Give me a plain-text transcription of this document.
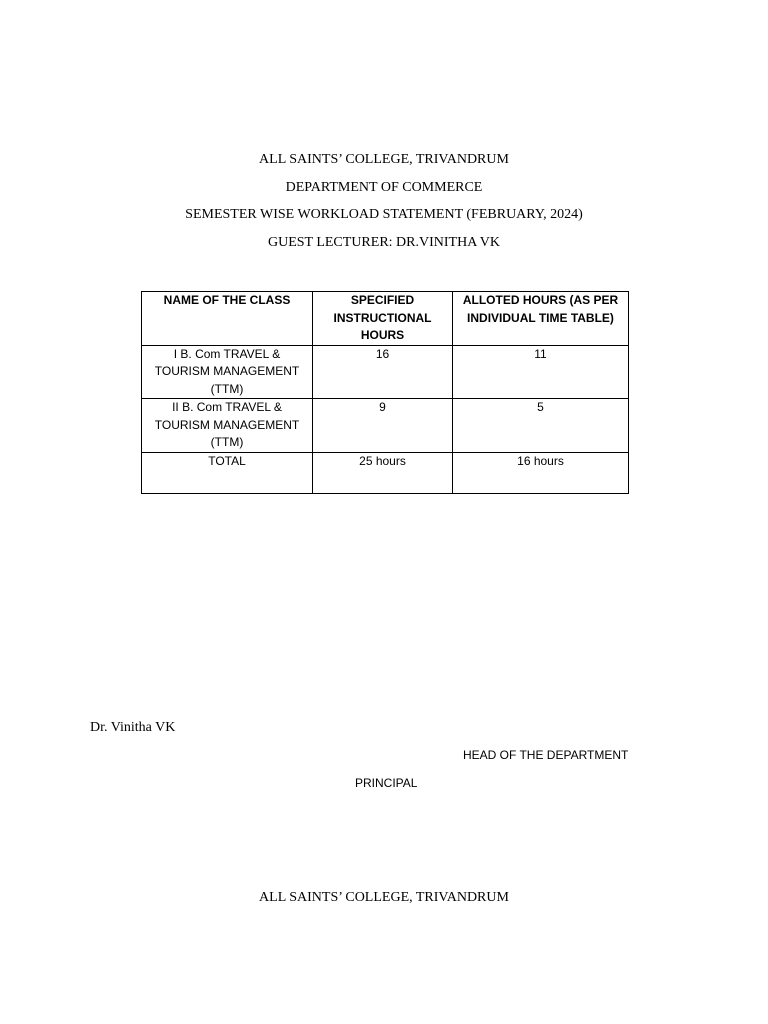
ALL SAINTS’ COLLEGE, TRIVANDRUM
DEPARTMENT OF COMMERCE
SEMESTER WISE WORKLOAD STATEMENT (FEBRUARY, 2024)
GUEST LECTURER: DR.VINITHA VK
NAME OF THE CLASS	SPECIFIED INSTRUCTIONAL HOURS	ALLOTED HOURS (AS PER INDIVIDUAL TIME TABLE)

I B. Com TRAVEL &
TOURISM MANAGEMENT
(TTM)	16	11

II B. Com TRAVEL &
TOURISM MANAGEMENT
(TTM)	9	5
TOTAL	25 hours	16 hours
Dr. Vinitha VK
HEAD OF THE DEPARTMENT
PRINCIPAL
ALL SAINTS’ COLLEGE, TRIVANDRUM
